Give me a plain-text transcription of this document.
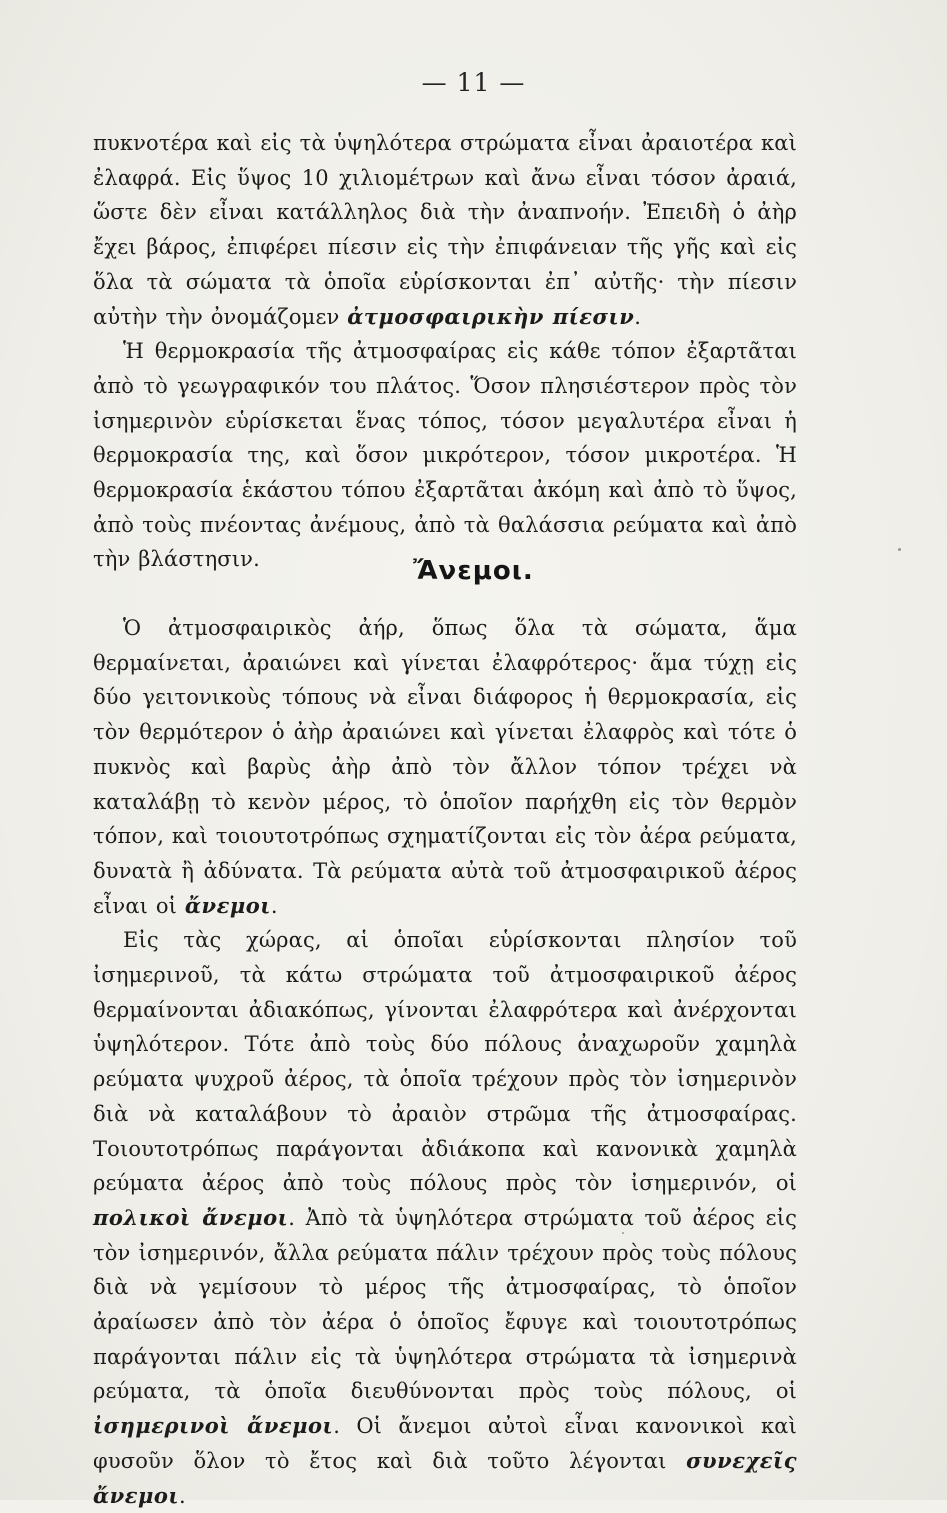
— 11 —

πυκνοτέρα καὶ εἰς τὰ ὑψηλότερα στρώματα εἶναι ἀραιοτέρα καὶ ἐλαφρά. Εἰς ὕψος 10 χιλιομέτρων καὶ ἄνω εἶναι τόσον ἀραιά, ὥστε δὲν εἶναι κατάλληλος διὰ τὴν ἀναπνοήν. Ἐπειδὴ ὁ ἀὴρ ἔχει βάρος, ἐπιφέρει πίεσιν εἰς τὴν ἐπιφάνειαν τῆς γῆς καὶ εἰς ὅλα τὰ σώματα τὰ ὁποῖα εὑρίσκονται ἐπ᾽ αὐτῆς· τὴν πίεσιν αὐτὴν τὴν ὀνομάζομεν ἀτμοσφαιρικὴν πίεσιν.

Ἡ θερμοκρασία τῆς ἀτμοσφαίρας εἰς κάθε τόπον ἐξαρτᾶται ἀπὸ τὸ γεωγραφικόν του πλάτος. Ὅσον πλησιέστερον πρὸς τὸν ἰσημερινὸν εὑρίσκεται ἕνας τόπος, τόσον μεγαλυτέρα εἶναι ἡ θερμοκρασία της, καὶ ὅσον μικρότερον, τόσον μικροτέρα. Ἡ θερμοκρασία ἑκάστου τόπου ἐξαρτᾶται ἀκόμη καὶ ἀπὸ τὸ ὕψος, ἀπὸ τοὺς πνέοντας ἀνέμους, ἀπὸ τὰ θαλάσσια ρεύματα καὶ ἀπὸ τὴν βλάστησιν.	Ἄνεμοι.

Ὁ ἀτμοσφαιρικὸς ἀήρ, ὅπως ὅλα τὰ σώματα, ἅμα θερμαίνεται, ἀραιώνει καὶ γίνεται ἐλαφρότερος· ἅμα τύχῃ εἰς δύο γειτονικοὺς τόπους νὰ εἶναι διάφορος ἡ θερμοκρασία, εἰς τὸν θερμότερον ὁ ἀὴρ ἀραιώνει καὶ γίνεται ἐλαφρὸς καὶ τότε ὁ πυκνὸς καὶ βαρὺς ἀὴρ ἀπὸ τὸν ἄλλον τόπον τρέχει νὰ καταλάβῃ τὸ κενὸν μέρος, τὸ ὁποῖον παρήχθη εἰς τὸν θερμὸν τόπον, καὶ τοιουτοτρόπως σχηματίζονται εἰς τὸν ἀέρα ρεύματα, δυνατὰ ἢ ἀδύνατα. Τὰ ρεύματα αὐτὰ τοῦ ἀτμοσφαιρικοῦ ἀέρος εἶναι οἱ ἄνεμοι.

Εἰς τὰς χώρας, αἱ ὁποῖαι εὑρίσκονται πλησίον τοῦ ἰσημερινοῦ, τὰ κάτω στρώματα τοῦ ἀτμοσφαιρικοῦ ἀέρος θερμαίνονται ἀδιακόπως, γίνονται ἐλαφρότερα καὶ ἀνέρχονται ὑψηλότερον. Τότε ἀπὸ τοὺς δύο πόλους ἀναχωροῦν χαμηλὰ ρεύματα ψυχροῦ ἀέρος, τὰ ὁποῖα τρέχουν πρὸς τὸν ἰσημερινὸν διὰ νὰ καταλάβουν τὸ ἀραιὸν στρῶμα τῆς ἀτμοσφαίρας. Τοιουτοτρόπως παράγονται ἀδιάκοπα καὶ κανονικὰ χαμηλὰ ρεύματα ἀέρος ἀπὸ τοὺς πόλους πρὸς τὸν ἰσημερινόν, οἱ πολικοὶ ἄνεμοι. Ἀπὸ τὰ ὑψηλότερα στρώματα τοῦ ἀέρος εἰς τὸν ἰσημερινόν, ἄλλα ρεύματα πάλιν τρέχουν πρὸς τοὺς πόλους διὰ νὰ γεμίσουν τὸ μέρος τῆς ἀτμοσφαίρας, τὸ ὁποῖον ἀραίωσεν ἀπὸ τὸν ἀέρα ὁ ὁποῖος ἔφυγε καὶ τοιουτοτρόπως παράγονται πάλιν εἰς τὰ ὑψηλότερα στρώματα τὰ ἰσημερινὰ ρεύματα, τὰ ὁποῖα διευθύνονται πρὸς τοὺς πόλους, οἱ ἰσημερινοὶ ἄνεμοι. Οἱ ἄνεμοι αὐτοὶ εἶναι κανονικοὶ καὶ φυσοῦν ὅλον τὸ ἔτος καὶ διὰ τοῦτο λέγονται συνεχεῖς ἄνεμοι.
